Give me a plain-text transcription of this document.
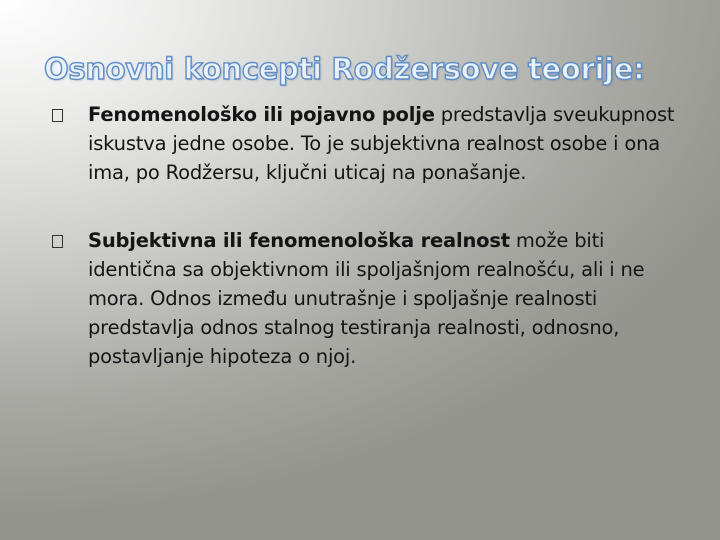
Osnovni koncepti Rodžersove teorije:

Fenomenološko ili pojavno polje predstavlja sveukupnost iskustva jedne osobe. To je subjektivna realnost osobe i ona ima, po Rodžersu, ključni uticaj na ponašanje.

Subjektivna ili fenomenološka realnost može biti identična sa objektivnom ili spoljašnjom realnošću, ali i ne mora. Odnos između unutrašnje i spoljašnje realnosti predstavlja odnos stalnog testiranja realnosti, odnosno, postavljanje hipoteza o njoj.
